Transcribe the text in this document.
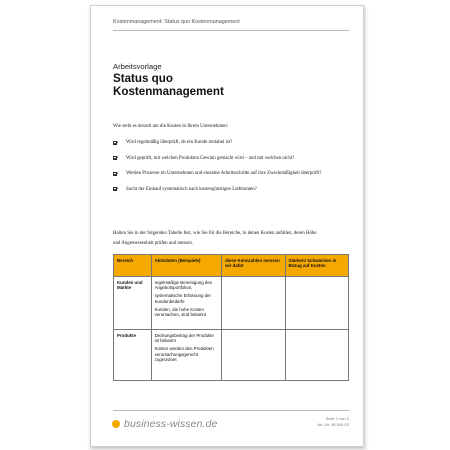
Kostenmanagement: Status quo Kostenmanagement
Arbeitsvorlage
Status quo
Kostenmanagement
Wie steht es derzeit um die Kosten in Ihrem Unternehmen:
Wird regelmäßig überprüft, ob ein Kunde rentabel ist?
Wird geprüft, mit welchen Produkten Gewinn gemacht wird – und mit welchen nicht?
Werden Prozesse im Unternehmen und einzelne Arbeitsschritte auf ihre Zweckmäßigkeit überprüft?
Sucht der Einkauf systematisch nach kostengünstigen Lieferanten?
Halten Sie in der folgenden Tabelle fest, wie Sie für die Bereiche, in denen Kosten anfallen, deren Höhe und Angemessenheit prüfen und messen.
Bereich	Aktivitäten (Beispiele)	diese Kennzahlen messen wir dafür	Stärken/ Schwächen in Bezug auf Kosten
Kunden und Märkte	regelmäßige Bereinigung des Angebotsportfolios;

systematische Erfassung der Kundenbedarfe

Kunden, die hohe Kosten verursachen, sind bekannt		

Produkte	Deckungsbeitrag der Produkte ist bekannt

Kosten werden den Produkten verursachungsgerecht zugeordnet		

business-wissen.de	Seite 1 von 2
Art.-Nr. 98.044.02
